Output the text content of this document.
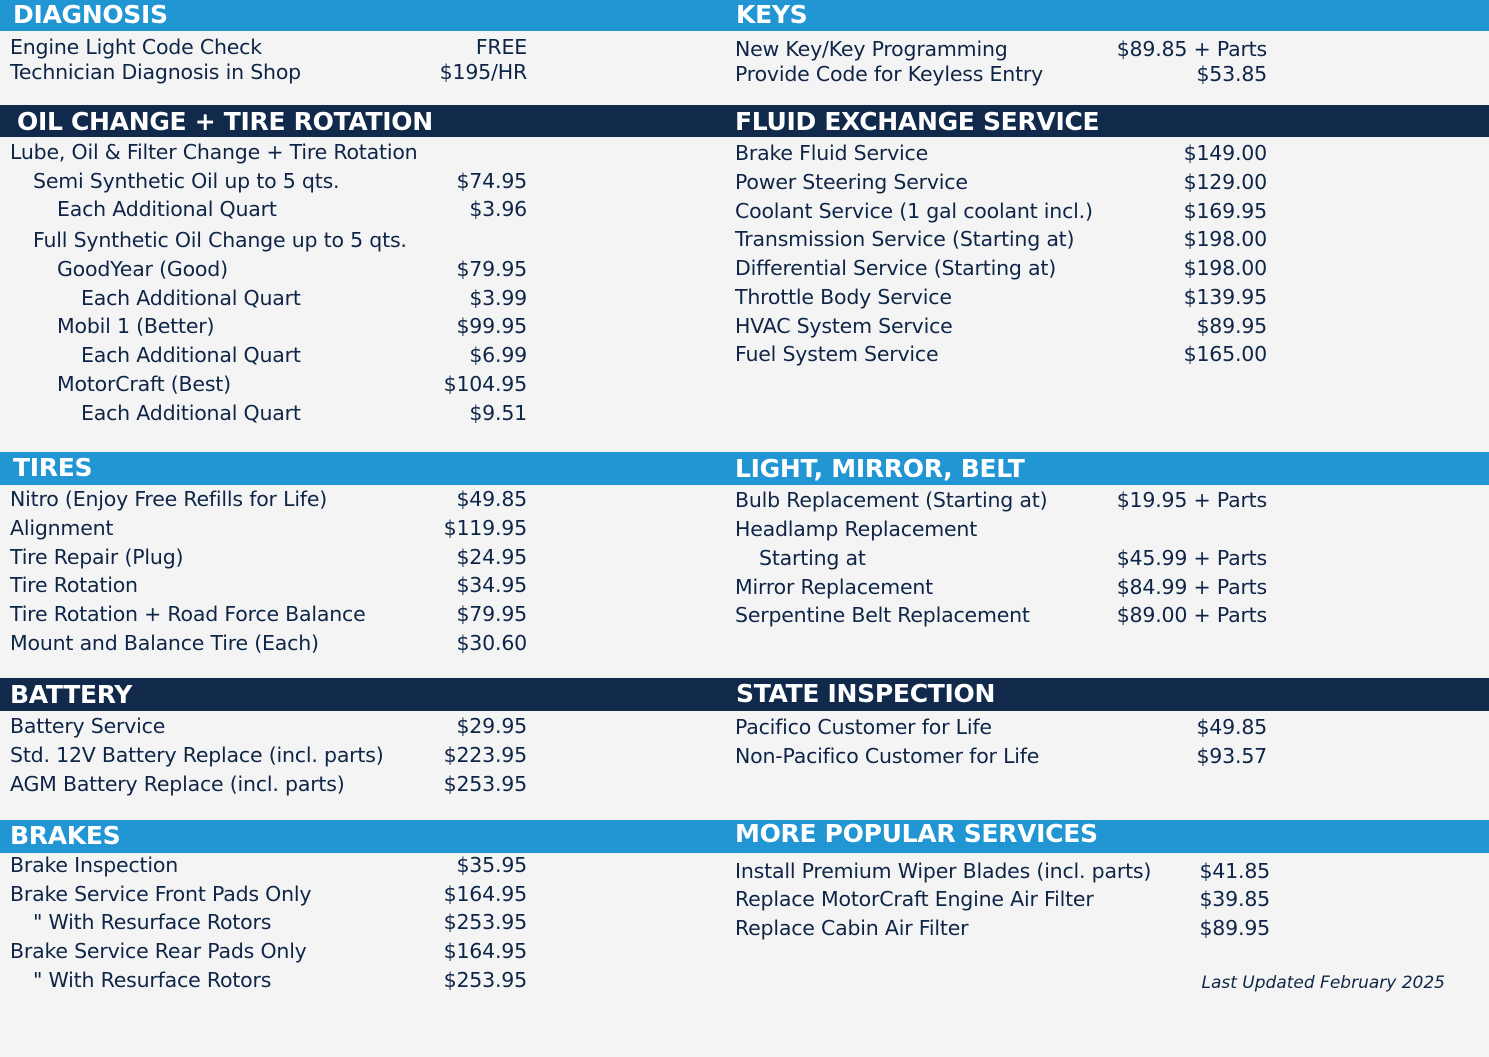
DIAGNOSIS
Engine Light Code Check	FREE
Technician Diagnosis in Shop	$195/HR
OIL CHANGE + TIRE ROTATION
Lube, Oil & Filter Change + Tire Rotation
Semi Synthetic Oil up to 5 qts.	$74.95
Each Additional Quart	$3.96
Full Synthetic Oil Change up to 5 qts.
GoodYear (Good)	$79.95
Each Additional Quart	$3.99
Mobil 1 (Better)	$99.95
Each Additional Quart	$6.99
MotorCraft (Best)	$104.95
Each Additional Quart	$9.51
TIRES
Nitro (Enjoy Free Refills for Life)	$49.85
Alignment	$119.95
Tire Repair (Plug)	$24.95
Tire Rotation	$34.95
Tire Rotation + Road Force Balance	$79.95
Mount and Balance Tire (Each)	$30.60
BATTERY
Battery Service	$29.95
Std. 12V Battery Replace (incl. parts)	$223.95
AGM Battery Replace (incl. parts)	$253.95
BRAKES
Brake Inspection	$35.95
Brake Service Front Pads Only	$164.95
" With Resurface Rotors	$253.95
Brake Service Rear Pads Only	$164.95
" With Resurface Rotors	$253.95
KEYS
New Key/Key Programming	$89.85 + Parts
Provide Code for Keyless Entry	$53.85
FLUID EXCHANGE SERVICE
Brake Fluid Service	$149.00
Power Steering Service	$129.00
Coolant Service (1 gal coolant incl.)	$169.95
Transmission Service (Starting at)	$198.00
Differential Service (Starting at)	$198.00
Throttle Body Service	$139.95
HVAC System Service	$89.95
Fuel System Service	$165.00
LIGHT, MIRROR, BELT
Bulb Replacement (Starting at)	$19.95 + Parts
Headlamp Replacement
Starting at	$45.99 + Parts
Mirror Replacement	$84.99 + Parts
Serpentine Belt Replacement	$89.00 + Parts
STATE INSPECTION
Pacifico Customer for Life	$49.85
Non-Pacifico Customer for Life	$93.57
MORE POPULAR SERVICES
Install Premium Wiper Blades (incl. parts) $41.85
Replace MotorCraft Engine Air Filter	$39.85
Replace Cabin Air Filter	$89.95
Last Updated February 2025
